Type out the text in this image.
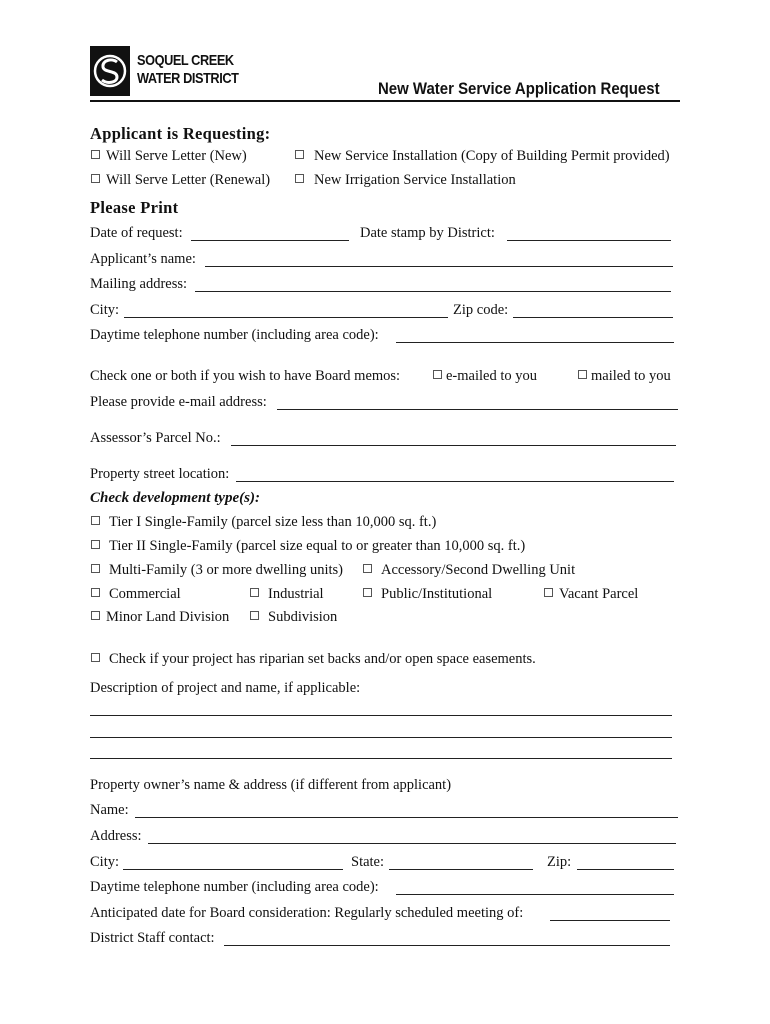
SOQUEL CREEK
WATER DISTRICT
New Water Service Application Request
Applicant is Requesting:
Will Serve Letter (New)	New Service Installation (Copy of Building Permit provided)
Will Serve Letter (Renewal)	New Irrigation Service Installation
Please Print
Date of request:	Date stamp by District:
Applicant’s name:
Mailing address:
City:	Zip code:
Daytime telephone number (including area code):
Check one or both if you wish to have Board memos:	e-mailed to you	mailed to you
Please provide e-mail address:
Assessor’s Parcel No.:
Property street location:
Check development type(s):
Tier I Single-Family (parcel size less than 10,000 sq. ft.)
Tier II Single-Family (parcel size equal to or greater than 10,000 sq. ft.)
Multi-Family (3 or more dwelling units)	Accessory/Second Dwelling Unit
Commercial	Industrial	Public/Institutional	Vacant Parcel
Minor Land Division	Subdivision
Check if your project has riparian set backs and/or open space easements.
Description of project and name, if applicable:
Property owner’s name & address (if different from applicant)
Name:
Address:
City:	State:	Zip:
Daytime telephone number (including area code):
Anticipated date for Board consideration: Regularly scheduled meeting of:
District Staff contact:
